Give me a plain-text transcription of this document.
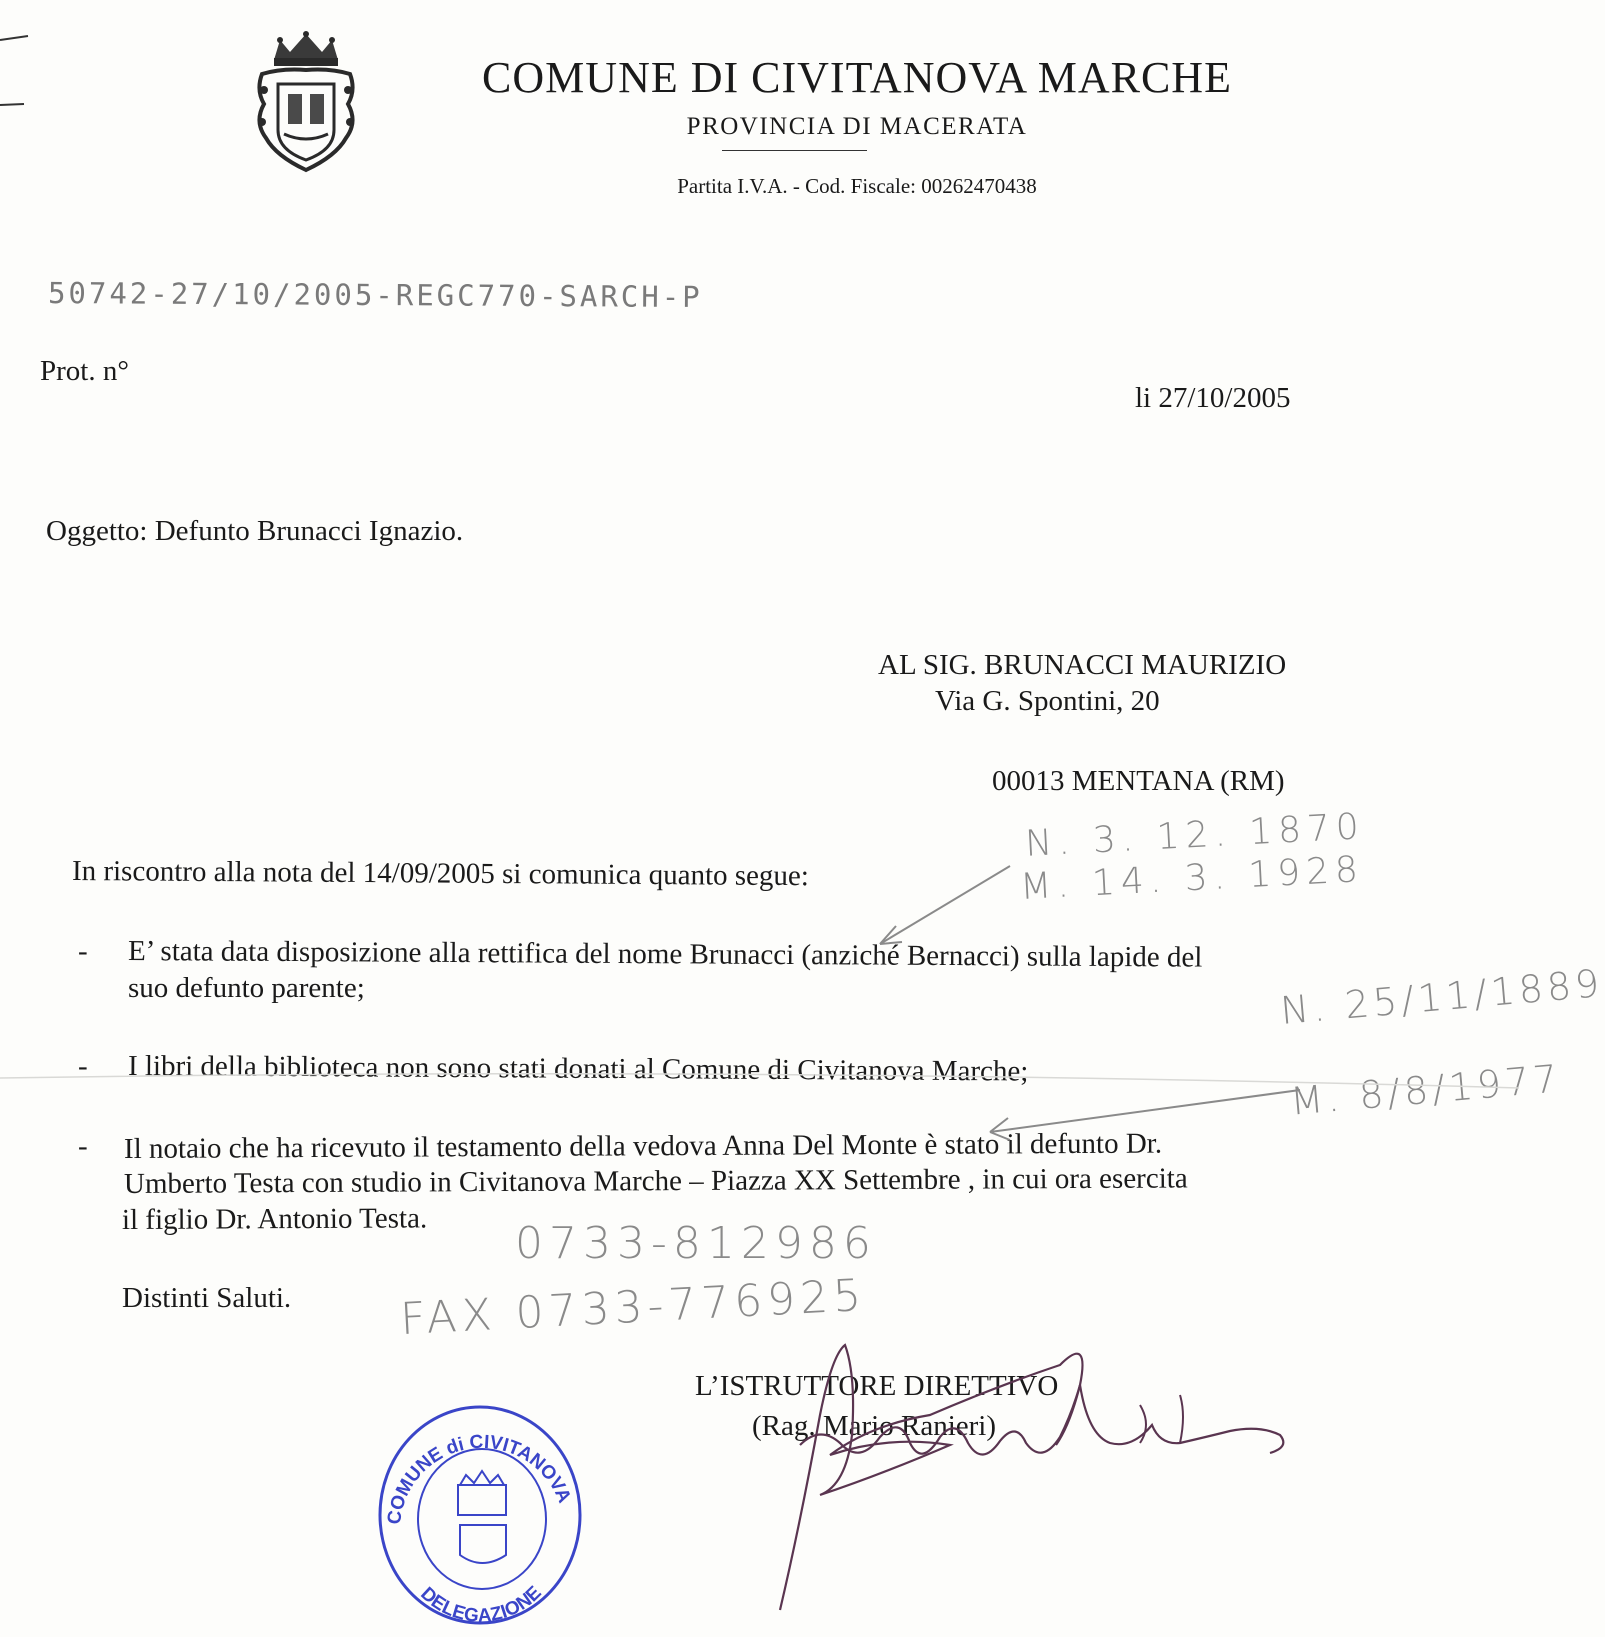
COMUNE DI CIVITANOVA MARCHE
PROVINCIA DI MACERATA
Partita I.V.A. - Cod. Fiscale: 00262470438
50742-27/10/2005-REGC770-SARCH-P
Prot. n°
li 27/10/2005
Oggetto: Defunto Brunacci Ignazio.
AL SIG. BRUNACCI MAURIZIO
Via G. Spontini, 20
00013 MENTANA (RM)
In riscontro alla nota del 14/09/2005 si comunica quanto segue:
- E’ stata data disposizione alla rettifica del nome Brunacci (anziché Bernacci) sulla lapide del
suo defunto parente;
- I libri della biblioteca non sono stati donati al Comune di Civitanova Marche;
- Il notaio che ha ricevuto il testamento della vedova Anna Del Monte è stato il defunto Dr.
Umberto Testa con studio in Civitanova Marche – Piazza XX Settembre , in cui ora esercita
il figlio Dr. Antonio Testa.
Distinti Saluti.
L’ISTRUTTORE DIRETTIVO
(Rag. Mario Ranieri)
N. 3. 12. 1870
M. 14. 3. 1928
N. 25/11/1889
M. 8/8/1977
0733-812986
FAX 0733-776925
COMUNE di CIVITANOVA
DELEGAZIONE
